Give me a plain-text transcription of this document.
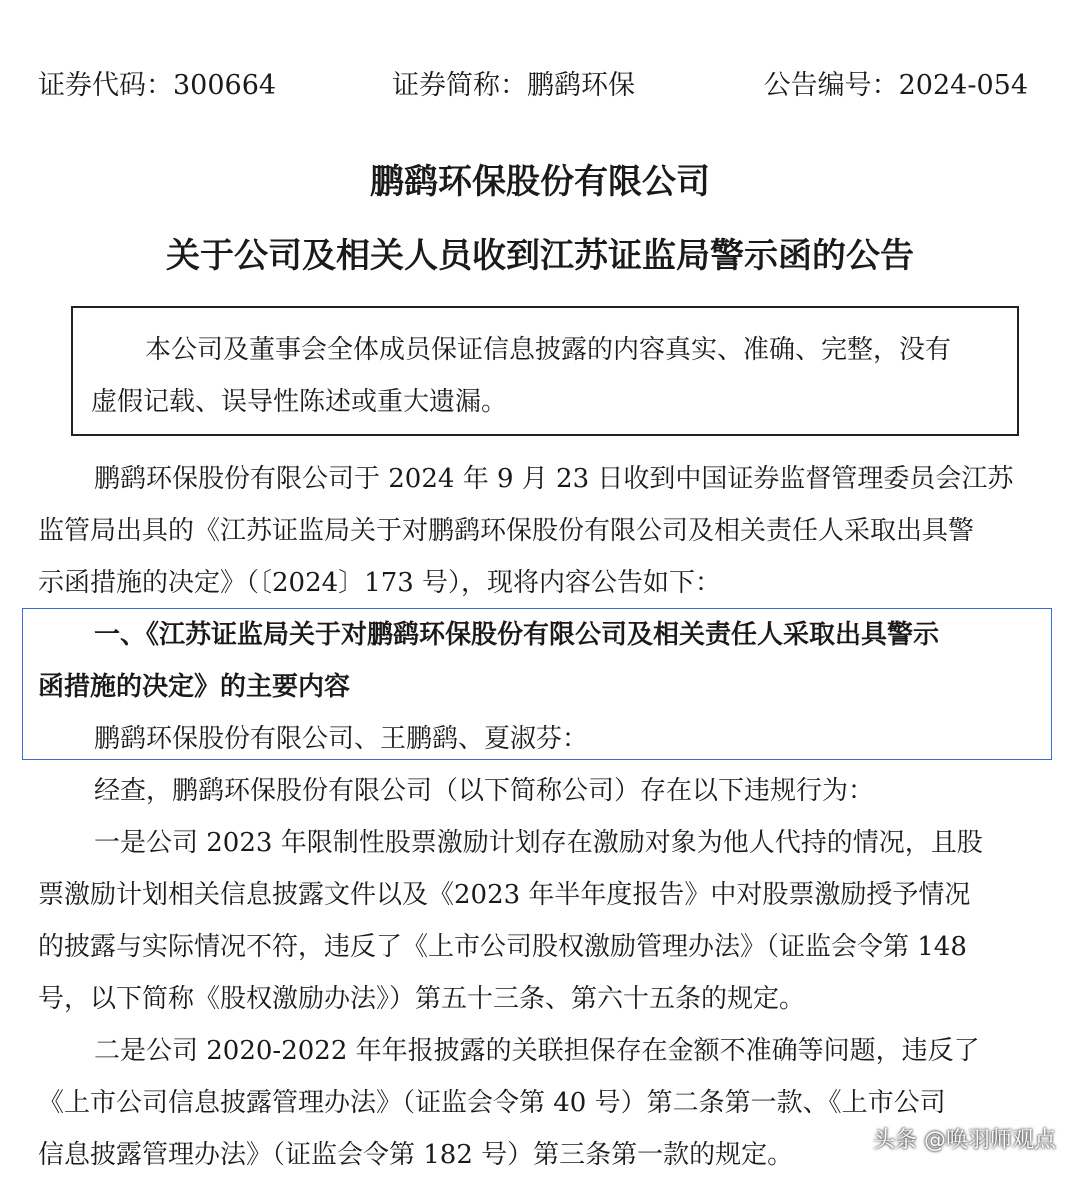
证券代码：300664	证券简称：鹏鹞环保	公告编号：2024-054
鹏鹞环保股份有限公司
关于公司及相关人员收到江苏证监局警示函的公告
本公司及董事会全体成员保证信息披露的内容真实、准确、完整，没有
虚假记载、误导性陈述或重大遗漏。
鹏鹞环保股份有限公司于 2024 年 9 月 23 日收到中国证券监督管理委员会江苏
监管局出具的《江苏证监局关于对鹏鹞环保股份有限公司及相关责任人采取出具警
示函措施的决定》（〔2024〕173 号），现将内容公告如下：
一、《江苏证监局关于对鹏鹞环保股份有限公司及相关责任人采取出具警示
函措施的决定》的主要内容
鹏鹞环保股份有限公司、王鹏鹞、夏淑芬：
经查，鹏鹞环保股份有限公司（以下简称公司）存在以下违规行为：
一是公司 2023 年限制性股票激励计划存在激励对象为他人代持的情况，且股
票激励计划相关信息披露文件以及《2023 年半年度报告》中对股票激励授予情况
的披露与实际情况不符，违反了《上市公司股权激励管理办法》（证监会令第 148
号，以下简称《股权激励办法》）第五十三条、第六十五条的规定。
二是公司 2020-2022 年年报披露的关联担保存在金额不准确等问题，违反了
《上市公司信息披露管理办法》（证监会令第 40 号）第二条第一款、《上市公司
信息披露管理办法》（证监会令第 182 号）第三条第一款的规定。	头条 @唤羽师观点
